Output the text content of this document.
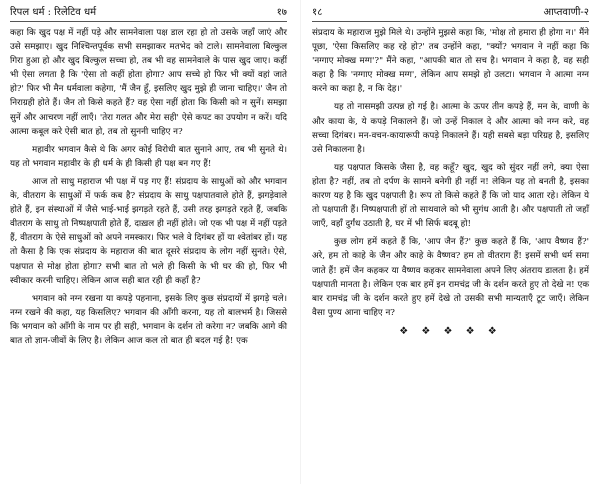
रिपल धर्म : रिलेटिव धर्म	१७

कहा कि खुद पक्ष में नहीं पड़े और सामनेवाला पक्ष डाल रहा हो तो उसके जहाँ जाएं और उसे समझाए। खुद निश्चिन्तपूर्वक सभी समझाकर मतभेद को टाले। सामनेवाला बिल्कुल गिरा हुआ हो और खुद बिल्कुल सच्चा हो, तब भी वह सामनेवाले के पास खुद जाए। कहीं भी ऐसा लगता है कि 'ऐसा तो कहीं होता होगा? आप सच्चे हो फिर भी क्यों वहां जाते हो?' फिर भी मैन धर्मवाला कहेगा, 'मैं जैन हूँ, इसलिए खुद मुझे ही जाना चाहिए।' जैन तो निराग्रही होते हैं। जैन तो किसे कहते हैं? वह ऐसा नहीं होता कि किसी को न सुनें। समझा सुनें और आचरण नहीं लाएँ। 'तेरा गलत और मेरा सही' ऐसे कपट का उपयोग न करें। यदि आत्मा कबूल करे ऐसी बात हो, तब तो सुननी चाहिए न?

महावीर भगवान कैसे थे कि अगर कोई विरोधी बात सुनाने आए, तब भी सुनते थे। यह तो भगवान महावीर के ही धर्म के ही किसी ही पक्ष बन गए हैं!

आज तो साधु महाराज भी पक्ष में पड़ गए हैं! संप्रदाय के साधुओं को और भगवान के, वीतराग के साधुओं में फर्क कब है? संप्रदाय के साधु पक्षपातवाले होते हैं, झगड़ेवाले होते हैं, इन संस्थाओं में जैसे भाई-भाई झगड़ते रहते हैं, उसी तरह झगड़ते रहते हैं, जबकि वीतराग के साधु तो निष्पक्षपाती होते हैं, दाख़ल ही नहीं होते। जो एक भी पक्ष में नहीं पड़ते हैं, वीतराग के ऐसे साधुओं को अपने नमस्कार। फिर भले वे दिगंबर हों या श्वेतांबर हों। यह तो कैसा है कि एक संप्रदाय के महाराज की बात दूसरे संप्रदाय के लोग नहीं सुनते। ऐसे, पक्षपात से मोक्ष होता होगा? सभी बात तो भले ही किसी के भी घर की हो, फिर भी स्वीकार करनी चाहिए। लेकिन आज सही बात रही ही कहाँ है?

भगवान को नग्न रखना या कपड़े पहनाना, इसके लिए कुछ संप्रदायों में झगड़े चले। नग्न रखने की कहा, यह किसलिए? भगवान की आँगी करना, यह तो बालभर्म है। जिससे कि भगवान को आँगी के नाम पर ही सही, भगवान के दर्शन तो करेगा न? जबकि आगे की बात तो ज्ञान-जीवों के लिए है। लेकिन आज कल तो बात ही बदल गई है! एक

१८	आप्तवाणी-२

संप्रदाय के महाराज मुझे मिले थे। उन्होंने मुझसे कहा कि, 'मोक्ष तो हमारा ही होगा न।' मैंने पूछा, 'ऐसा किसलिए कह रहे हो?' तब उन्होंने कहा, "क्यों? भगवान ने नहीं कहा कि 'नग्गाए मोक्ख मग्ग'?" मैंने कहा, "आपकी बात तो सच है। भगवान ने कहा है, वह सही कहा है कि 'नग्गाए मोक्ख मग्ग', लेकिन आप समझे हो उलटा। भगवान ने आत्मा नग्न करने का कहा है, न कि देह।'

यह तो नासमझी उत्पन्न हो गई है। आत्मा के ऊपर तीन कपड़े हैं, मन के, वाणी के और काया के, ये कपड़े निकालने हैं। जो उन्हें निकाल दे और आत्मा को नग्न करे, वह सच्चा दिगंबर। मन-वचन-कायारूपी कपड़े निकालने हैं। यही सबसे बड़ा परिग्रह है, इसलिए उसे निकालना है।

यह पक्षपात किसके जैसा है, वह कहूँ? खुद, खुद को सुंदर नहीं लगे, क्या ऐसा होता है? नहीं, तब तो दर्पण के सामने बनेगी ही नहीं न! लेकिन यह तो बनती है, इसका कारण यह है कि खुद पक्षपाती है। रूप तो किसे कहते हैं कि जो याद आता रहे। लेकिन ये तो पक्षपाती हैं। निष्पक्षपाती हों तो साथवाले को भी सुगंध आती है। और पक्षपाती तो जहाँ जाएँ, वहाँ दुर्गंध उठाती है, घर में भी सिर्फ बदबू हो!

कुछ लोग हमें कहते हैं कि, 'आप जैन हैं?' कुछ कहते हैं कि, 'आप वैष्णव हैं?' अरे, हम तो काहे के जैन और काहे के वैष्णव? हम तो वीतराग हैं! इसमें सभी धर्म समा जाते हैं! हमें जैन कहकर या वैष्णव कहकर सामनेवाला अपने लिए अंतराय डालता है। हमें पक्षपाती मानता है। लेकिन एक बार हमें इन रामचंद्र जी के दर्शन करते हुए तो देखे न! एक बार रामचंद्र जी के दर्शन करते हुए हमें देखे तो उसकी सभी मान्यताएँ टूट जाएँ। लेकिन वैसा पुण्य आना चाहिए न?

❖ ❖ ❖ ❖ ❖
